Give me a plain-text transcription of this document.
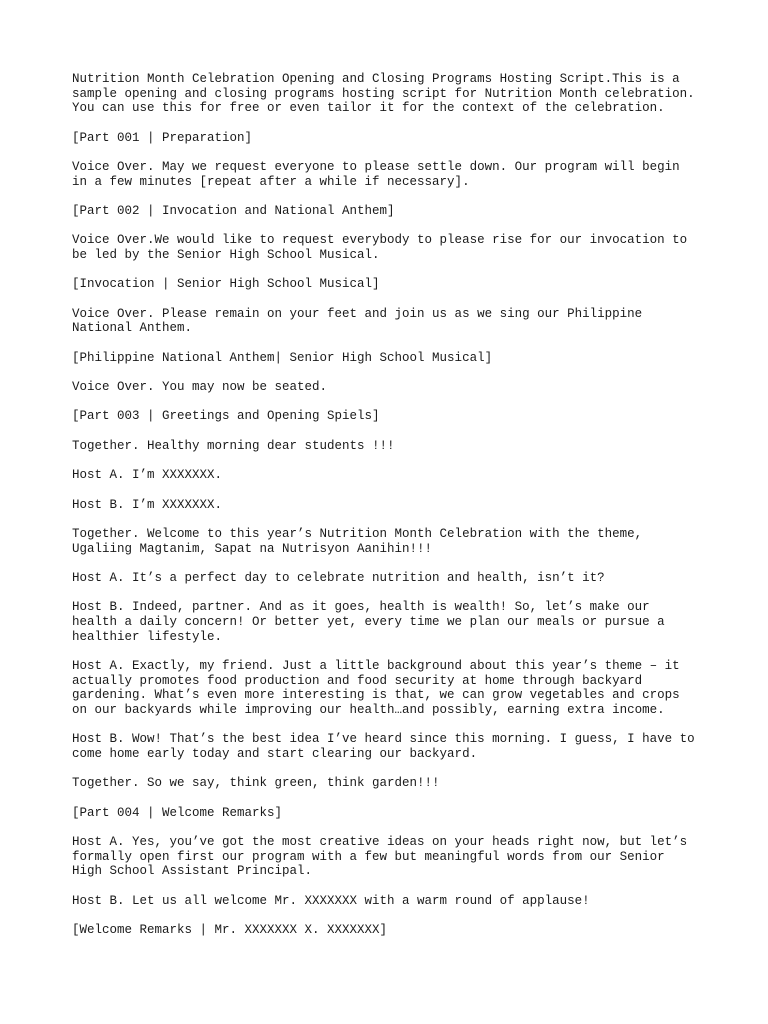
Nutrition Month Celebration Opening and Closing Programs Hosting Script.This is a
sample opening and closing programs hosting script for Nutrition Month celebration.
You can use this for free or even tailor it for the context of the celebration.

[Part 001 | Preparation]

Voice Over. May we request everyone to please settle down. Our program will begin
in a few minutes [repeat after a while if necessary].

[Part 002 | Invocation and National Anthem]

Voice Over.We would like to request everybody to please rise for our invocation to
be led by the Senior High School Musical.

[Invocation | Senior High School Musical]

Voice Over. Please remain on your feet and join us as we sing our Philippine
National Anthem.

[Philippine National Anthem| Senior High School Musical]

Voice Over. You may now be seated.

[Part 003 | Greetings and Opening Spiels]

Together. Healthy morning dear students !!!

Host A. I’m XXXXXXX.

Host B. I’m XXXXXXX.

Together. Welcome to this year’s Nutrition Month Celebration with the theme,
Ugaliing Magtanim, Sapat na Nutrisyon Aanihin!!!

Host A. It’s a perfect day to celebrate nutrition and health, isn’t it?

Host B. Indeed, partner. And as it goes, health is wealth! So, let’s make our
health a daily concern! Or better yet, every time we plan our meals or pursue a
healthier lifestyle.

Host A. Exactly, my friend. Just a little background about this year’s theme – it
actually promotes food production and food security at home through backyard
gardening. What’s even more interesting is that, we can grow vegetables and crops
on our backyards while improving our health…and possibly, earning extra income.

Host B. Wow! That’s the best idea I’ve heard since this morning. I guess, I have to
come home early today and start clearing our backyard.

Together. So we say, think green, think garden!!!

[Part 004 | Welcome Remarks]

Host A. Yes, you’ve got the most creative ideas on your heads right now, but let’s
formally open first our program with a few but meaningful words from our Senior
High School Assistant Principal.

Host B. Let us all welcome Mr. XXXXXXX with a warm round of applause!

[Welcome Remarks | Mr. XXXXXXX X. XXXXXXX]
